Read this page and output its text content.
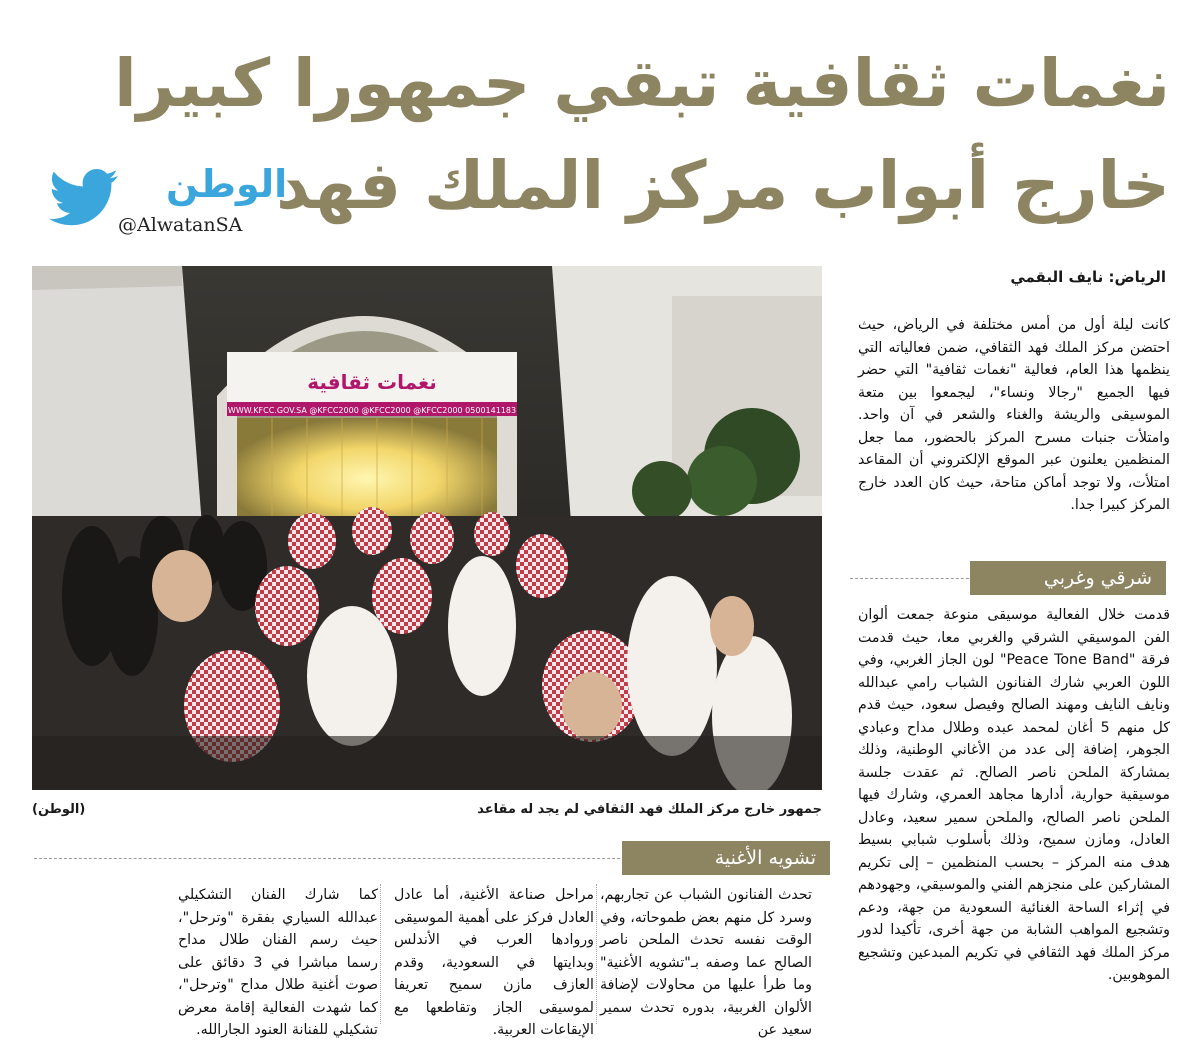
نغمات ثقافية تبقي جمهورا كبيرا
خارج أبواب مركز الملك فهد
الوطن
@AlwatanSA
نغمات ثقافية
WWW.KFCC.GOV.SA @KFCC2000 @KFCC2000 @KFCC2000 0500141183
جمهور خارج مركز الملك فهد الثقافي لم يجد له مقاعد
(الوطن)
الرياض: نايف البقمي
كانت ليلة أول من أمس مختلفة في الرياض، حيث احتضن مركز الملك فهد الثقافي، ضمن فعالياته التي ينظمها هذا العام، فعالية "نغمات ثقافية" التي حضر فيها الجميع "رجالا ونساء"، ليجمعوا بين متعة الموسيقى والريشة والغناء والشعر في آن واحد. وامتلأت جنبات مسرح المركز بالحضور، مما جعل المنظمين يعلنون عبر الموقع الإلكتروني أن المقاعد امتلأت، ولا توجد أماكن متاحة، حيث كان العدد خارج المركز كبيرا جدا.
شرقي وغربي
قدمت خلال الفعالية موسيقى منوعة جمعت ألوان الفن الموسيقي الشرقي والغربي معا، حيث قدمت فرقة "Peace Tone Band" لون الجاز الغربي، وفي اللون العربي شارك الفنانون الشباب رامي عبدالله ونايف النايف ومهند الصالح وفيصل سعود، حيث قدم كل منهم 5 أغان لمحمد عبده وطلال مداح وعبادي الجوهر، إضافة إلى عدد من الأغاني الوطنية، وذلك بمشاركة الملحن ناصر الصالح. ثم عقدت جلسة موسيقية حوارية، أدارها مجاهد العمري، وشارك فيها الملحن ناصر الصالح، والملحن سمير سعيد، وعادل العادل، ومازن سميح، وذلك بأسلوب شبابي بسيط هدف منه المركز – بحسب المنظمين – إلى تكريم المشاركين على منجزهم الفني والموسيقي، وجهودهم في إثراء الساحة الغنائية السعودية من جهة، ودعم وتشجيع المواهب الشابة من جهة أخرى، تأكيدا لدور مركز الملك فهد الثقافي في تكريم المبدعين وتشجيع الموهوبين.
تشويه الأغنية
تحدث الفنانون الشباب عن تجاربهم، وسرد كل منهم بعض طموحاته، وفي الوقت نفسه تحدث الملحن ناصر الصالح عما وصفه بـ"تشويه الأغنية" وما طرأ عليها من محاولات لإضافة الألوان الغربية، بدوره تحدث سمير سعيد عن
مراحل صناعة الأغنية، أما عادل العادل فركز على أهمية الموسيقى وروادها العرب في الأندلس وبدايتها في السعودية، وقدم العازف مازن سميح تعريفا لموسيقى الجاز وتقاطعها مع الإيقاعات العربية.
كما شارك الفنان التشكيلي عبدالله السياري بفقرة "وترحل"، حيث رسم الفنان طلال مداح رسما مباشرا في 3 دقائق على صوت أغنية طلال مداح "وترحل"، كما شهدت الفعالية إقامة معرض تشكيلي للفنانة العنود الجارالله.
